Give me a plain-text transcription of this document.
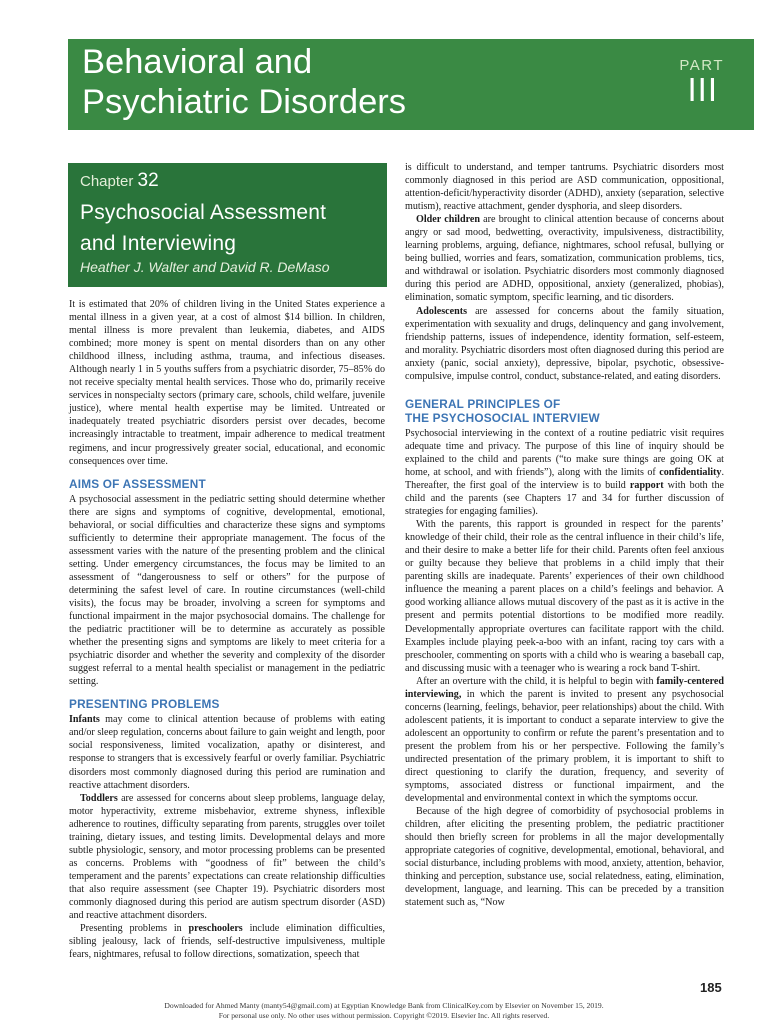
Behavioral and
Psychiatric Disorders
PART
III
Chapter 32
Psychosocial Assessment
and Interviewing
Heather J. Walter and David R. DeMaso

It is estimated that 20% of children living in the United States experience a mental illness in a given year, at a cost of almost $14 billion. In children, mental illness is more prevalent than leukemia, diabetes, and AIDS combined; more money is spent on mental disorders than on any other childhood illness, including asthma, trauma, and infectious diseases. Although nearly 1 in 5 youths suffers from a psychiatric disorder, 75–85% do not receive specialty mental health services. Those who do, primarily receive services in nonspecialty sectors (primary care, schools, child welfare, juvenile justice), where mental health expertise may be limited. Untreated or inadequately treated psychiatric disorders persist over decades, become increasingly intractable to treatment, impair adherence to medical treatment regimens, and incur progressively greater social, educational, and economic consequences over time.

AIMS OF ASSESSMENT

A psychosocial assessment in the pediatric setting should determine whether there are signs and symptoms of cognitive, developmental, emotional, behavioral, or social difficulties and characterize these signs and symptoms sufficiently to determine their appropriate management. The focus of the assessment varies with the nature of the presenting problem and the clinical setting. Under emergency circumstances, the focus may be limited to an assessment of “dangerousness to self or others” for the purpose of determining the safest level of care. In routine circumstances (well-child visits), the focus may be broader, involving a screen for symptoms and functional impairment in the major psychosocial domains. The challenge for the pediatric practitioner will be to determine as accurately as possible whether the presenting signs and symptoms are likely to meet criteria for a psychiatric disorder and whether the severity and complexity of the disorder suggest referral to a mental health specialist or management in the pediatric setting.

PRESENTING PROBLEMS

Infants may come to clinical attention because of problems with eating and/or sleep regulation, concerns about failure to gain weight and length, poor social responsiveness, limited vocalization, apathy or disinterest, and response to strangers that is excessively fearful or overly familiar. Psychiatric disorders most commonly diagnosed during this period are rumination and reactive attachment disorders.

Toddlers are assessed for concerns about sleep problems, language delay, motor hyperactivity, extreme misbehavior, extreme shyness, inflexible adherence to routines, difficulty separating from parents, struggles over toilet training, dietary issues, and testing limits. Developmental delays and more subtle physiologic, sensory, and motor processing problems can be presented as concerns. Problems with “goodness of fit” between the child’s temperament and the parents’ expectations can create relationship difficulties that also require assessment (see Chapter 19). Psychiatric disorders most commonly diagnosed during this period are autism spectrum disorder (ASD) and reactive attachment disorders.

Presenting problems in preschoolers include elimination difficulties, sibling jealousy, lack of friends, self-destructive impulsiveness, multiple fears, nightmares, refusal to follow directions, somatization, speech that

is difficult to understand, and temper tantrums. Psychiatric disorders most commonly diagnosed in this period are ASD communication, oppositional, attention-deficit/hyperactivity disorder (ADHD), anxiety (separation, selective mutism), reactive attachment, gender dysphoria, and sleep disorders.

Older children are brought to clinical attention because of concerns about angry or sad mood, bedwetting, overactivity, impulsiveness, distractibility, learning problems, arguing, defiance, nightmares, school refusal, bullying or being bullied, worries and fears, somatization, communication problems, tics, and withdrawal or isolation. Psychiatric disorders most commonly diagnosed during this period are ADHD, oppositional, anxiety (generalized, phobias), elimination, somatic symptom, specific learning, and tic disorders.

Adolescents are assessed for concerns about the family situation, experimentation with sexuality and drugs, delinquency and gang involvement, friendship patterns, issues of independence, identity formation, self-esteem, and morality. Psychiatric disorders most often diagnosed during this period are anxiety (panic, social anxiety), depressive, bipolar, psychotic, obsessive-compulsive, impulse control, conduct, substance-related, and eating disorders.

GENERAL PRINCIPLES OF
THE PSYCHOSOCIAL INTERVIEW

Psychosocial interviewing in the context of a routine pediatric visit requires adequate time and privacy. The purpose of this line of inquiry should be explained to the child and parents (“to make sure things are going OK at home, at school, and with friends”), along with the limits of confidentiality. Thereafter, the first goal of the interview is to build rapport with both the child and the parents (see Chapters 17 and 34 for further discussion of strategies for engaging families).

With the parents, this rapport is grounded in respect for the parents’ knowledge of their child, their role as the central influence in their child’s life, and their desire to make a better life for their child. Parents often feel anxious or guilty because they believe that problems in a child imply that their parenting skills are inadequate. Parents’ experiences of their own childhood influence the meaning a parent places on a child’s feelings and behavior. A good working alliance allows mutual discovery of the past as it is active in the present and permits potential distortions to be modified more readily. Developmentally appropriate overtures can facilitate rapport with the child. Examples include playing peek-a-boo with an infant, racing toy cars with a preschooler, commenting on sports with a child who is wearing a baseball cap, and discussing music with a teenager who is wearing a rock band T-shirt.

After an overture with the child, it is helpful to begin with family-centered interviewing, in which the parent is invited to present any psychosocial concerns (learning, feelings, behavior, peer relationships) about the child. With adolescent patients, it is important to conduct a separate interview to give the adolescent an opportunity to confirm or refute the parent’s presentation and to present the problem from his or her perspective. Following the family’s undirected presentation of the primary problem, it is important to shift to direct questioning to clarify the duration, frequency, and severity of symptoms, associated distress or functional impairment, and the developmental and environmental context in which the symptoms occur.

Because of the high degree of comorbidity of psychosocial problems in children, after eliciting the presenting problem, the pediatric practitioner should then briefly screen for problems in all the major developmentally appropriate categories of cognitive, developmental, emotional, behavioral, and social disturbance, including problems with mood, anxiety, attention, behavior, thinking and perception, substance use, social relatedness, eating, elimination, development, language, and learning. This can be preceded by a transition statement such as, “Now

185
Downloaded for Ahmed Manty (manty54@gmail.com) at Egyptian Knowledge Bank from ClinicalKey.com by Elsevier on November 15, 2019.
For personal use only. No other uses without permission. Copyright ©2019. Elsevier Inc. All rights reserved.
